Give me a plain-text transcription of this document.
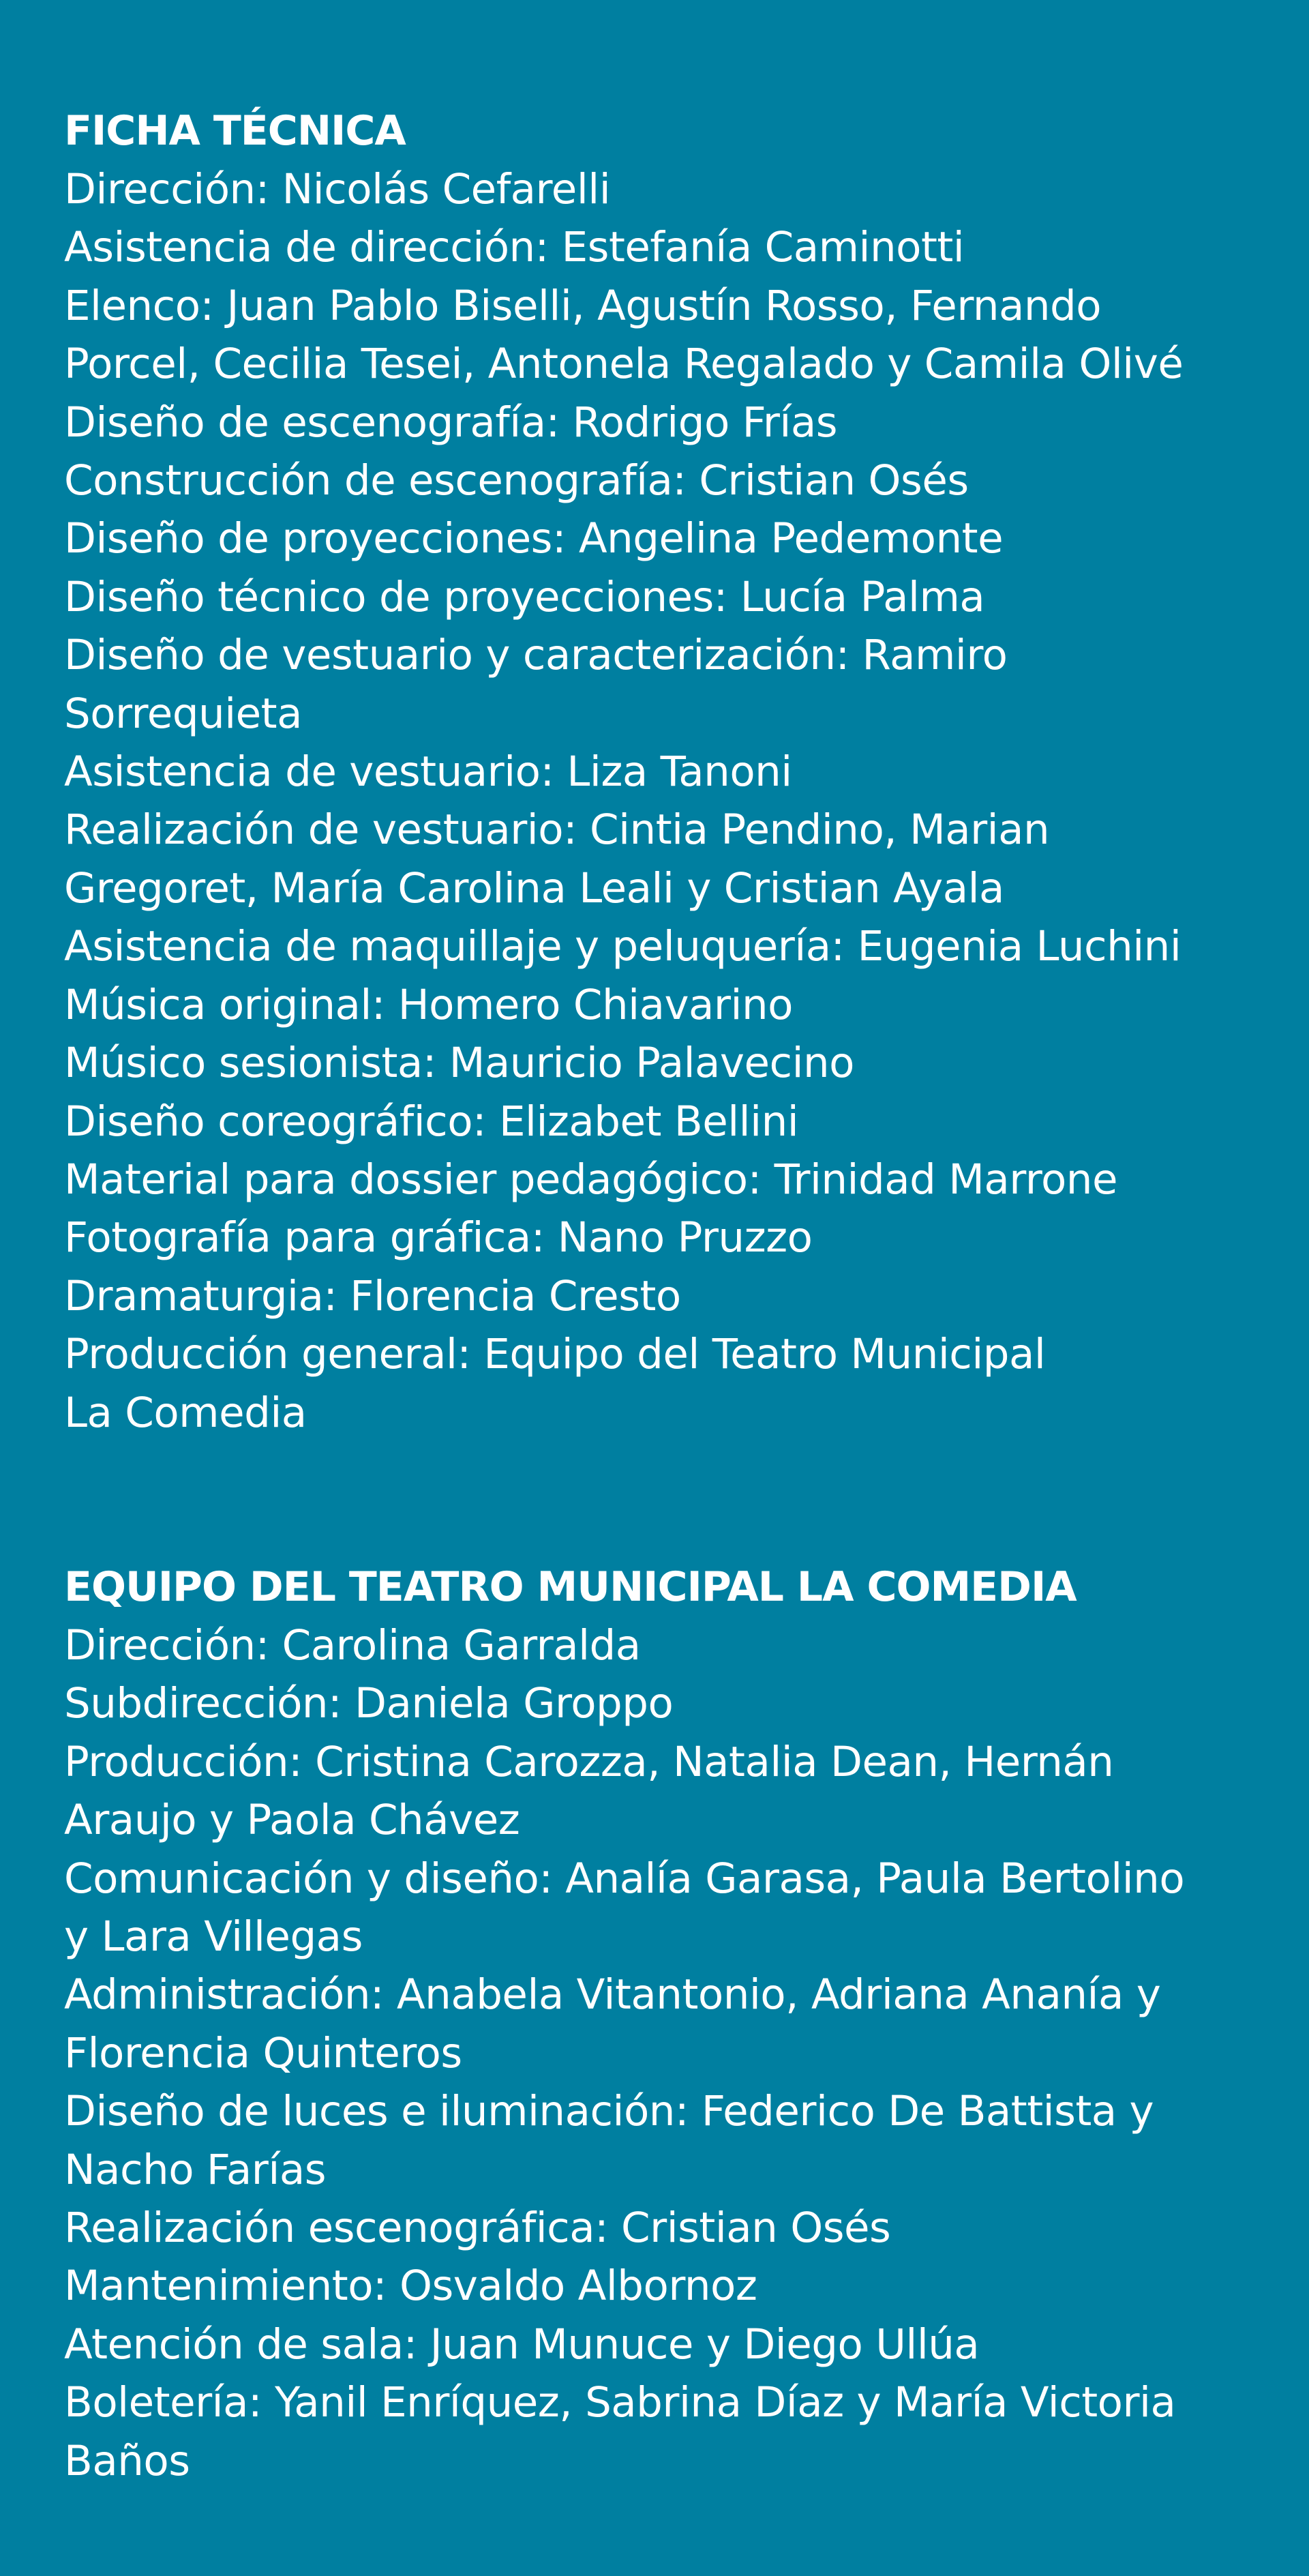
FICHA TÉCNICA
Dirección: Nicolás Cefarelli
Asistencia de dirección: Estefanía Caminotti
Elenco: Juan Pablo Biselli, Agustín Rosso, Fernando
Porcel, Cecilia Tesei, Antonela Regalado y Camila Olivé
Diseño de escenografía: Rodrigo Frías
Construcción de escenografía: Cristian Osés
Diseño de proyecciones: Angelina Pedemonte
Diseño técnico de proyecciones: Lucía Palma
Diseño de vestuario y caracterización: Ramiro
Sorrequieta
Asistencia de vestuario: Liza Tanoni
Realización de vestuario: Cintia Pendino, Marian
Gregoret, María Carolina Leali y Cristian Ayala
Asistencia de maquillaje y peluquería: Eugenia Luchini
Música original: Homero Chiavarino
Músico sesionista: Mauricio Palavecino
Diseño coreográfico: Elizabet Bellini
Material para dossier pedagógico: Trinidad Marrone
Fotografía para gráfica: Nano Pruzzo
Dramaturgia: Florencia Cresto
Producción general: Equipo del Teatro Municipal
La Comedia
EQUIPO DEL TEATRO MUNICIPAL LA COMEDIA
Dirección: Carolina Garralda
Subdirección: Daniela Groppo
Producción: Cristina Carozza, Natalia Dean, Hernán
Araujo y Paola Chávez
Comunicación y diseño: Analía Garasa, Paula Bertolino
y Lara Villegas
Administración: Anabela Vitantonio, Adriana Ananía y
Florencia Quinteros
Diseño de luces e iluminación: Federico De Battista y
Nacho Farías
Realización escenográfica: Cristian Osés
Mantenimiento: Osvaldo Albornoz
Atención de sala: Juan Munuce y Diego Ullúa
Boletería: Yanil Enríquez, Sabrina Díaz y María Victoria
Baños
